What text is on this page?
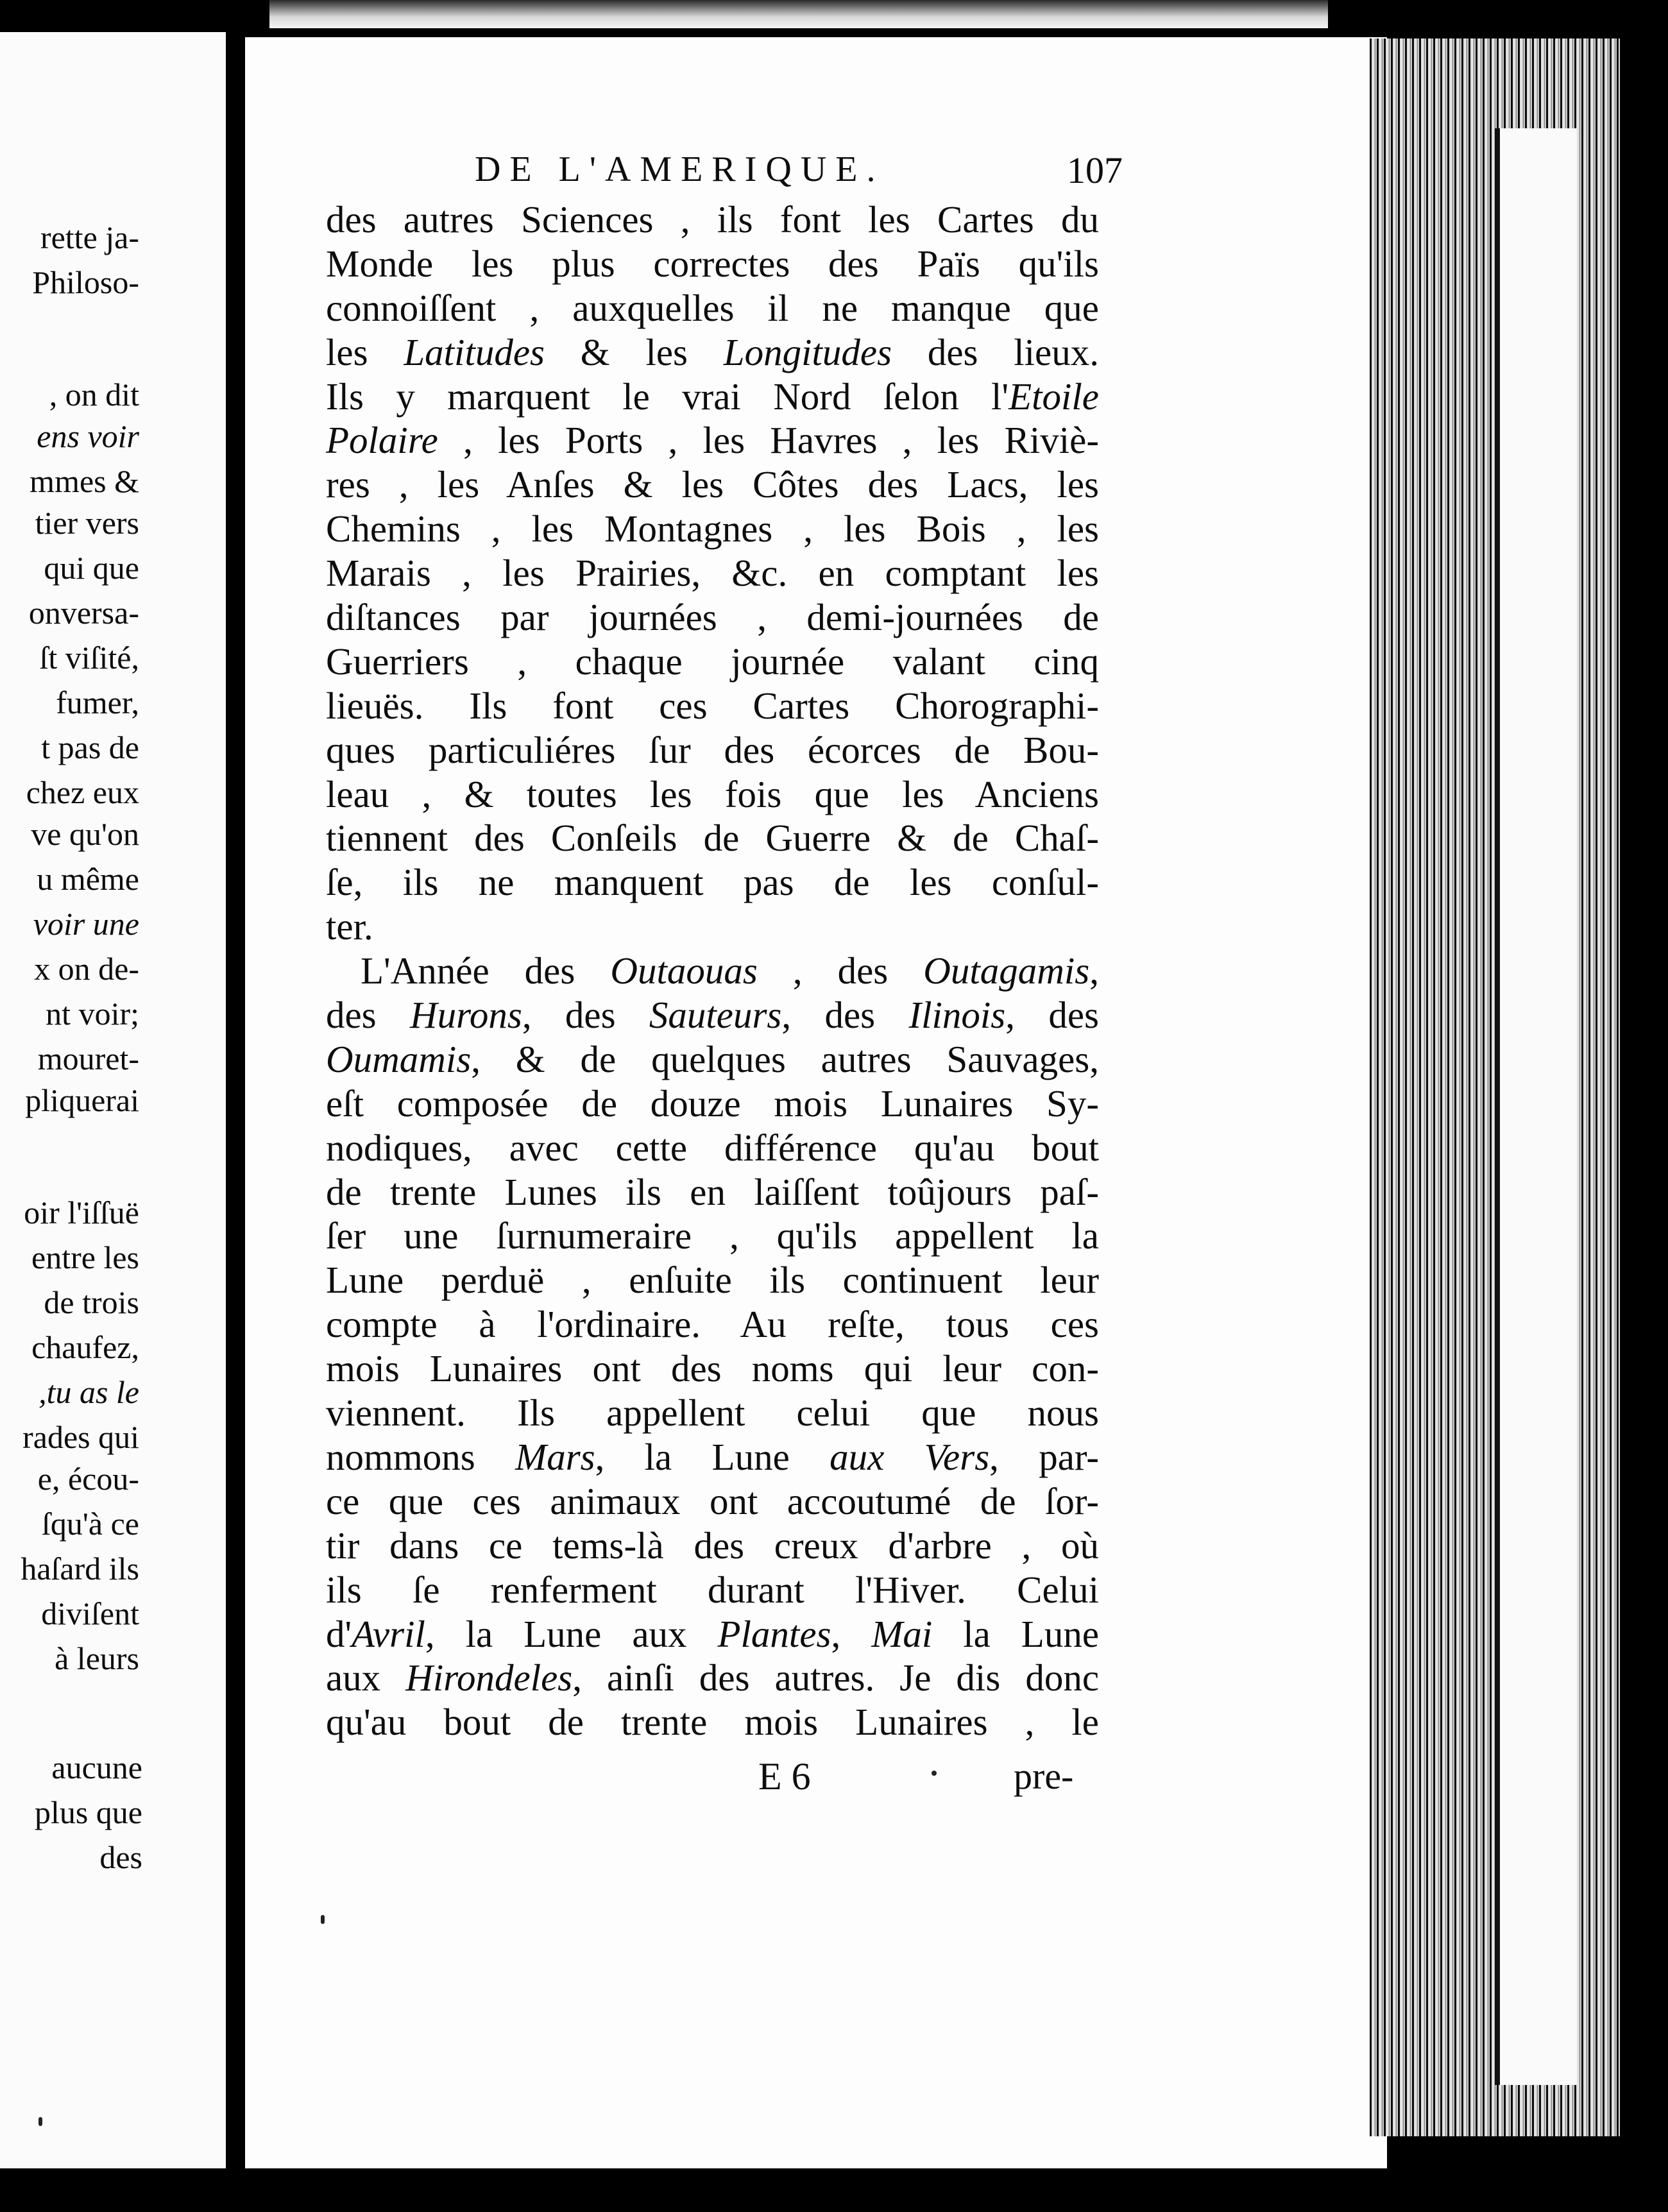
rette ja-
Philoso-
, on dit
ens voir
mmes &
tier vers
qui que
onversa-
ſt viſité,
fumer,
t pas de
chez eux
ve qu'on
u même
voir une
x on de-
nt voir;
mouret-
pliquerai
oir l'iſſuë
entre les
de trois
chaufez,
,tu as le
rades qui
e, écou-
ſqu'à ce
haſard ils
diviſent
à leurs
aucune
plus que
des
DE L'AMERIQUE.	107
des autres Sciences , ils font les Cartes du
Monde les plus correctes des Païs qu'ils
connoiſſent , auxquelles il ne manque que
les Latitudes & les Longitudes des lieux.
Ils y marquent le vrai Nord ſelon l'Etoile
Polaire , les Ports , les Havres , les Riviè-
res , les Anſes & les Côtes des Lacs, les
Chemins , les Montagnes , les Bois , les
Marais , les Prairies, &c. en comptant les
diſtances par journées , demi-journées de
Guerriers , chaque journée valant cinq
lieuës. Ils font ces Cartes Chorographi-
ques particuliéres ſur des écorces de Bou-
leau , & toutes les fois que les Anciens
tiennent des Conſeils de Guerre & de Chaſ-
ſe, ils ne manquent pas de les conſul-
ter.
L'Année des Outaouas , des Outagamis,
des Hurons, des Sauteurs, des Ilinois, des
Oumamis, & de quelques autres Sauvages,
eſt composée de douze mois Lunaires Sy-
nodiques, avec cette différence qu'au bout
de trente Lunes ils en laiſſent toûjours paſ-
ſer une ſurnumeraire , qu'ils appellent la
Lune perduë , enſuite ils continuent leur
compte à l'ordinaire. Au reſte, tous ces
mois Lunaires ont des noms qui leur con-
viennent. Ils appellent celui que nous
nommons Mars, la Lune aux Vers, par-
ce que ces animaux ont accoutumé de ſor-
tir dans ce tems-là des creux d'arbre , où
ils ſe renferment durant l'Hiver. Celui
d'Avril, la Lune aux Plantes, Mai la Lune
aux Hirondeles, ainſi des autres. Je dis donc
qu'au bout de trente mois Lunaires , le
E 6	pre-
